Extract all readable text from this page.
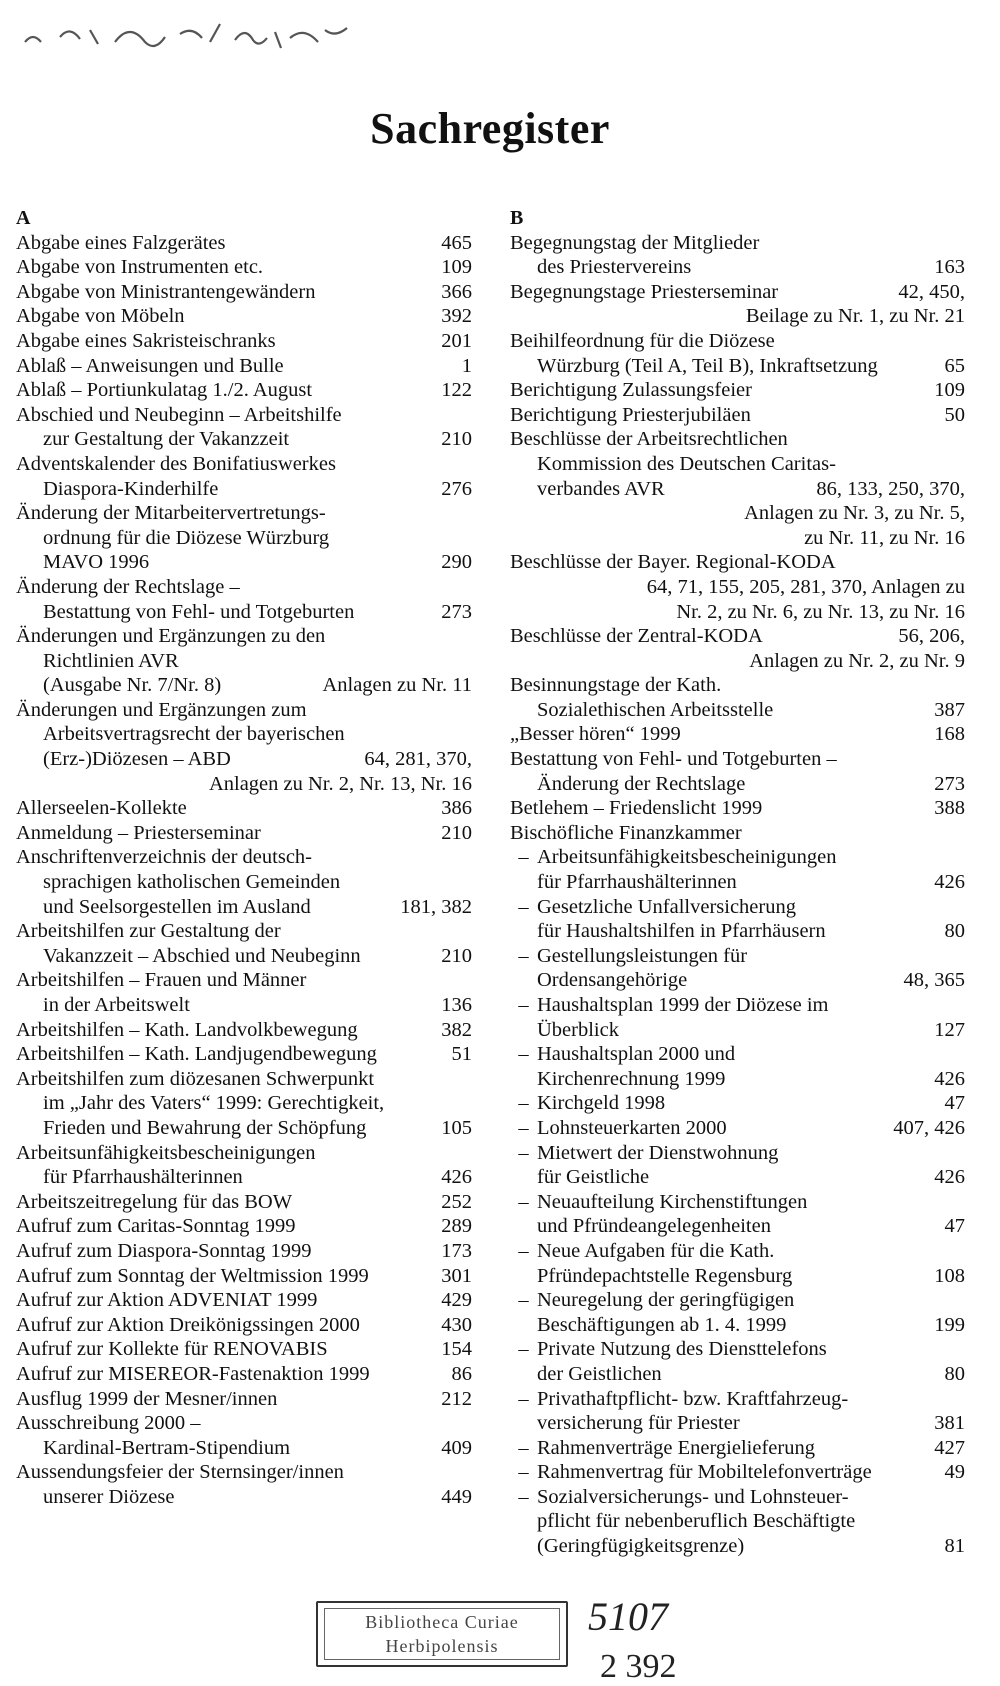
Sachregister
A
Abgabe eines Falzgerätes	465
Abgabe von Instrumenten etc.	109
Abgabe von Ministrantengewändern	366
Abgabe von Möbeln	392
Abgabe eines Sakristeischranks	201
Ablaß – Anweisungen und Bulle	1
Ablaß – Portiunkulatag 1./2. August	122
Abschied und Neubeginn – Arbeitshilfe
zur Gestaltung der Vakanzzeit	210
Adventskalender des Bonifatiuswerkes
Diaspora-Kinderhilfe	276
Änderung der Mitarbeitervertretungs-
ordnung für die Diözese Würzburg
MAVO 1996	290
Änderung der Rechtslage –
Bestattung von Fehl- und Totgeburten	273
Änderungen und Ergänzungen zu den
Richtlinien AVR
(Ausgabe Nr. 7/Nr. 8)	Anlagen zu Nr. 11
Änderungen und Ergänzungen zum
Arbeitsvertragsrecht der bayerischen
(Erz-)Diözesen – ABD	64, 281, 370,
Anlagen zu Nr. 2, Nr. 13, Nr. 16
Allerseelen-Kollekte	386
Anmeldung – Priesterseminar	210
Anschriftenverzeichnis der deutsch-
sprachigen katholischen Gemeinden
und Seelsorgestellen im Ausland	181, 382
Arbeitshilfen zur Gestaltung der
Vakanzzeit – Abschied und Neubeginn	210
Arbeitshilfen – Frauen und Männer
in der Arbeitswelt	136
Arbeitshilfen – Kath. Landvolkbewegung	382
Arbeitshilfen – Kath. Landjugendbewegung	51
Arbeitshilfen zum diözesanen Schwerpunkt
im „Jahr des Vaters“ 1999: Gerechtigkeit,
Frieden und Bewahrung der Schöpfung	105
Arbeitsunfähigkeitsbescheinigungen
für Pfarrhaushälterinnen	426
Arbeitszeitregelung für das BOW	252
Aufruf zum Caritas-Sonntag 1999	289
Aufruf zum Diaspora-Sonntag 1999	173
Aufruf zum Sonntag der Weltmission 1999	301
Aufruf zur Aktion ADVENIAT 1999	429
Aufruf zur Aktion Dreikönigssingen 2000	430
Aufruf zur Kollekte für RENOVABIS	154
Aufruf zur MISEREOR-Fastenaktion 1999	86
Ausflug 1999 der Mesner/innen	212
Ausschreibung 2000 –
Kardinal-Bertram-Stipendium	409
Aussendungsfeier der Sternsinger/innen
unserer Diözese	449
B
Begegnungstag der Mitglieder
des Priestervereins	163
Begegnungstage Priesterseminar	42, 450,
Beilage zu Nr. 1, zu Nr. 21
Beihilfeordnung für die Diözese
Würzburg (Teil A, Teil B), Inkraftsetzung	65
Berichtigung Zulassungsfeier	109
Berichtigung Priesterjubiläen	50
Beschlüsse der Arbeitsrechtlichen
Kommission des Deutschen Caritas-
verbandes AVR	86, 133, 250, 370,
Anlagen zu Nr. 3, zu Nr. 5,
zu Nr. 11, zu Nr. 16
Beschlüsse der Bayer. Regional-KODA
64, 71, 155, 205, 281, 370, Anlagen zu
Nr. 2, zu Nr. 6, zu Nr. 13, zu Nr. 16
Beschlüsse der Zentral-KODA	56, 206,
Anlagen zu Nr. 2, zu Nr. 9
Besinnungstage der Kath.
Sozialethischen Arbeitsstelle	387
„Besser hören“ 1999	168
Bestattung von Fehl- und Totgeburten –
Änderung der Rechtslage	273
Betlehem – Friedenslicht 1999	388
Bischöfliche Finanzkammer
– Arbeitsunfähigkeitsbescheinigungen
für Pfarrhaushälterinnen	426
– Gesetzliche Unfallversicherung
für Haushaltshilfen in Pfarrhäusern	80
– Gestellungsleistungen für
Ordensangehörige	48, 365
– Haushaltsplan 1999 der Diözese im
Überblick	127
– Haushaltsplan 2000 und
Kirchenrechnung 1999	426
– Kirchgeld 1998	47
– Lohnsteuerkarten 2000	407, 426
– Mietwert der Dienstwohnung
für Geistliche	426
– Neuaufteilung Kirchenstiftungen
und Pfründeangelegenheiten	47
– Neue Aufgaben für die Kath.
Pfründepachtstelle Regensburg	108
– Neuregelung der geringfügigen
Beschäftigungen ab 1. 4. 1999	199
– Private Nutzung des Diensttelefons
der Geistlichen	80
– Privathaftpflicht- bzw. Kraftfahrzeug-
versicherung für Priester	381
– Rahmenverträge Energielieferung	427
– Rahmenvertrag für Mobiltelefonverträge	49
– Sozialversicherungs- und Lohnsteuer-
pflicht für nebenberuflich Beschäftigte
(Geringfügigkeitsgrenze)	81
Bibliotheca Curiae
Herbipolensis
5107
2 392
